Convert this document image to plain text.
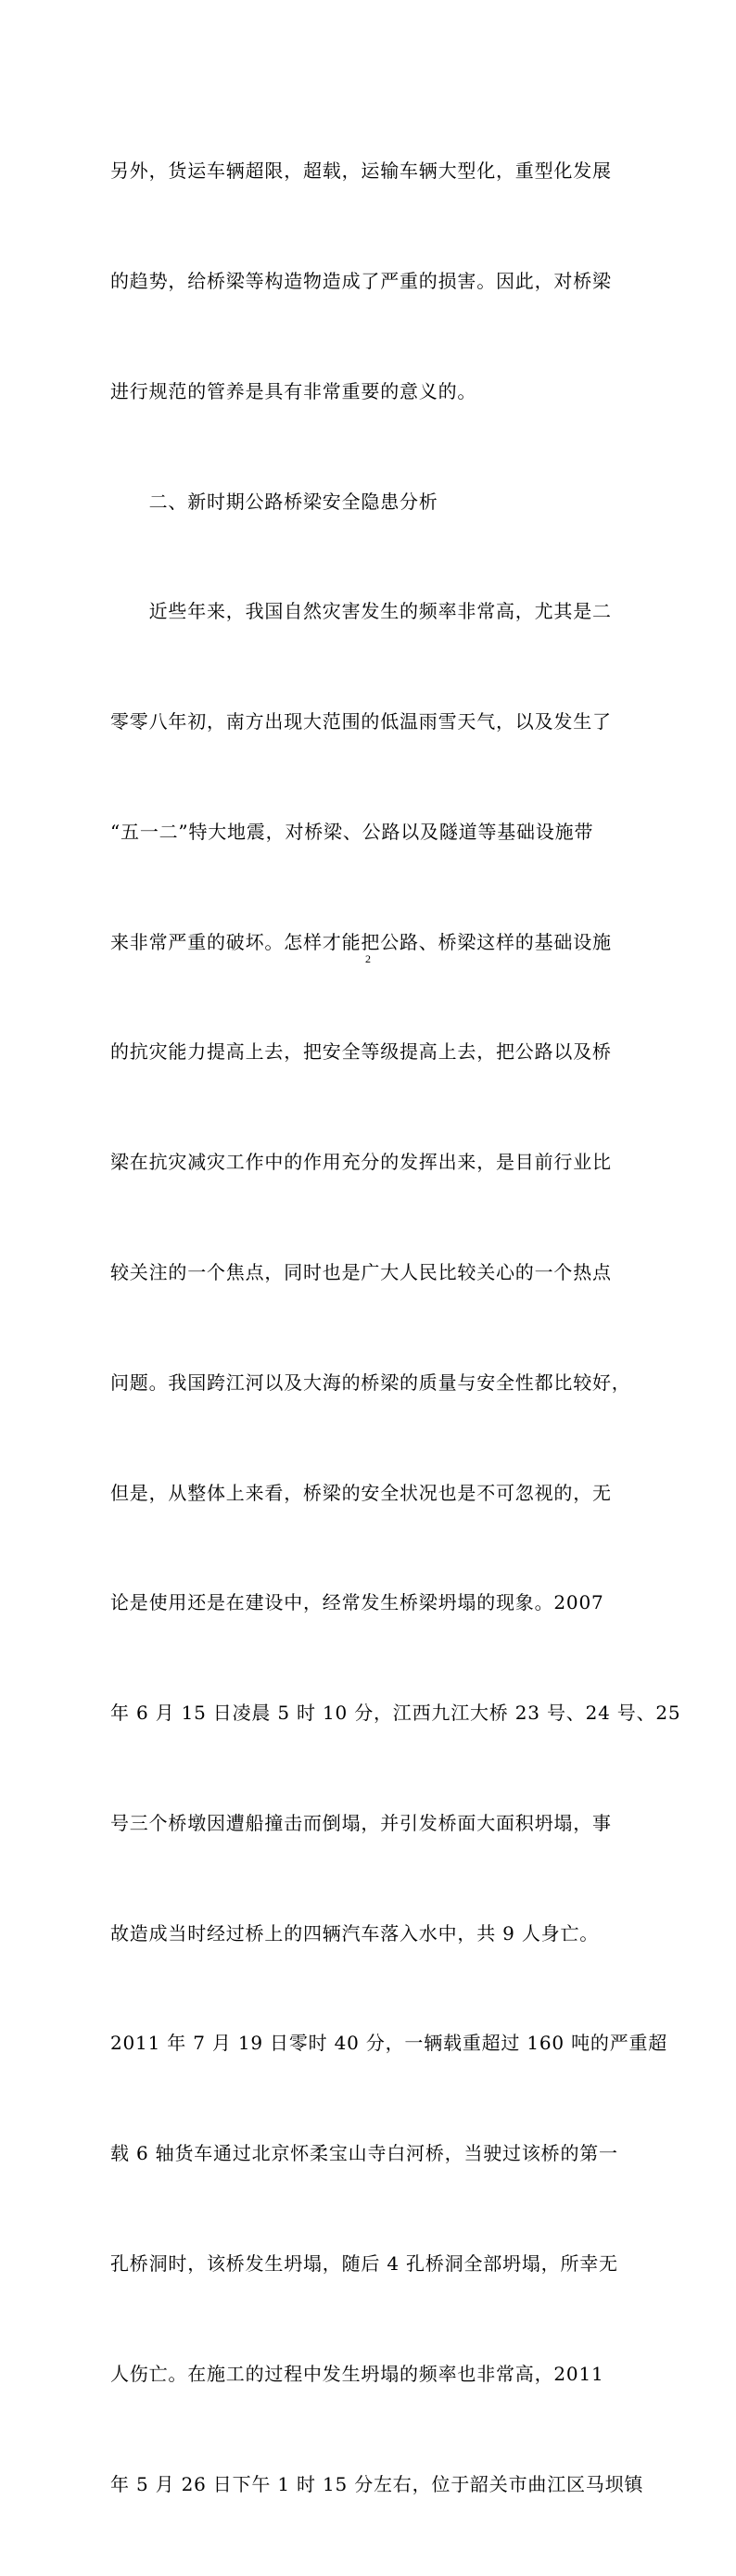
另外，货运车辆超限，超载，运输车辆大型化，重型化发展

的趋势，给桥梁等构造物造成了严重的损害。因此，对桥梁

进行规范的管养是具有非常重要的意义的。

　　二、新时期公路桥梁安全隐患分析

　　近些年来，我国自然灾害发生的频率非常高，尤其是二

零零八年初，南方出现大范围的低温雨雪天气，以及发生了

“五一二”特大地震，对桥梁、公路以及隧道等基础设施带

来非常严重的破坏。怎样才能把公路、桥梁这样的基础设施

的抗灾能力提高上去，把安全等级提高上去，把公路以及桥

梁在抗灾减灾工作中的作用充分的发挥出来，是目前行业比

较关注的一个焦点，同时也是广大人民比较关心的一个热点

问题。我国跨江河以及大海的桥梁的质量与安全性都比较好，

但是，从整体上来看，桥梁的安全状况也是不可忽视的，无

论是使用还是在建设中，经常发生桥梁坍塌的现象。2007

年 6 月 15 日凌晨 5 时 10 分，江西九江大桥 23 号、24 号、25

号三个桥墩因遭船撞击而倒塌，并引发桥面大面积坍塌，事

故造成当时经过桥上的四辆汽车落入水中，共 9 人身亡。

2011 年 7 月 19 日零时 40 分，一辆载重超过 160 吨的严重超

载 6 轴货车通过北京怀柔宝山寺白河桥，当驶过该桥的第一

孔桥洞时，该桥发生坍塌，随后 4 孔桥洞全部坍塌，所幸无

人伤亡。在施工的过程中发生坍塌的频率也非常高，2011

年 5 月 26 日下午 1 时 15 分左右，位于韶关市曲江区马坝镇

2
